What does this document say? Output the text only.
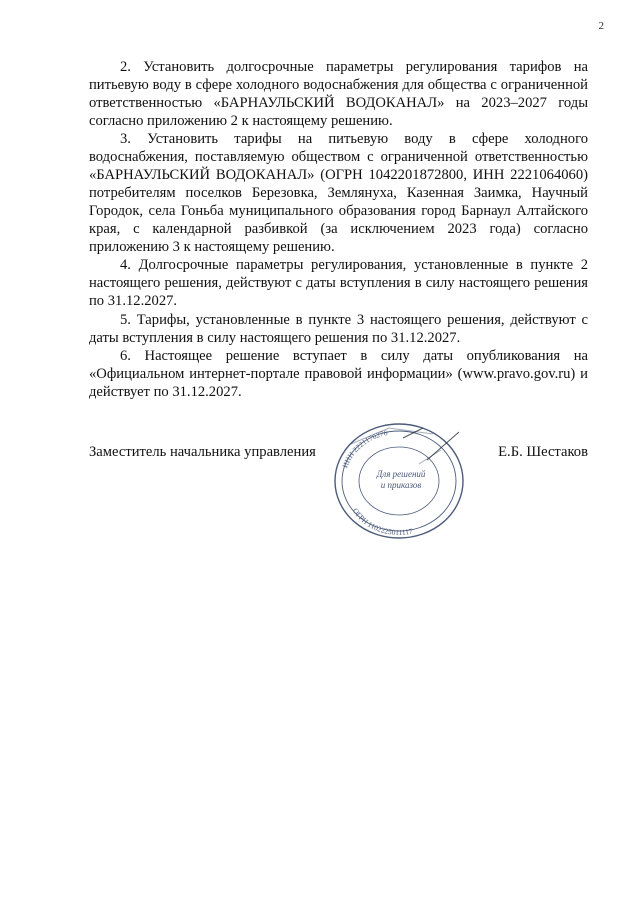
2

2. Установить долгосрочные параметры регулирования тарифов на питьевую воду в сфере холодного водоснабжения для общества с ограниченной ответственностью «БАРНАУЛЬСКИЙ ВОДОКАНАЛ» на 2023–2027 годы согласно приложению 2 к настоящему решению.

3. Установить тарифы на питьевую воду в сфере холодного водоснабжения, поставляемую обществом с ограниченной ответственностью «БАРНАУЛЬСКИЙ ВОДОКАНАЛ» (ОГРН 1042201872800, ИНН 2221064060) потребителям поселков Березовка, Землянуха, Казенная Заимка, Научный Городок, села Гоньба муниципального образования город Барнаул Алтайского края, с календарной разбивкой (за исключением 2023 года) согласно приложению 3 к настоящему решению.

4. Долгосрочные параметры регулирования, установленные в пункте 2 настоящего решения, действуют с даты вступления в силу настоящего решения по 31.12.2027.

5. Тарифы, установленные в пункте 3 настоящего решения, действуют с даты вступления в силу настоящего решения по 31.12.2027.

6. Настоящее решение вступает в силу даты опубликования на «Официальном интернет-портале правовой информации» (www.pravo.gov.ru) и действует по 31.12.2027.

Заместитель начальника управления
ИНН 2221176276
ОГРН 1102225011117
Для решений
и приказов
Е.Б. Шестаков
